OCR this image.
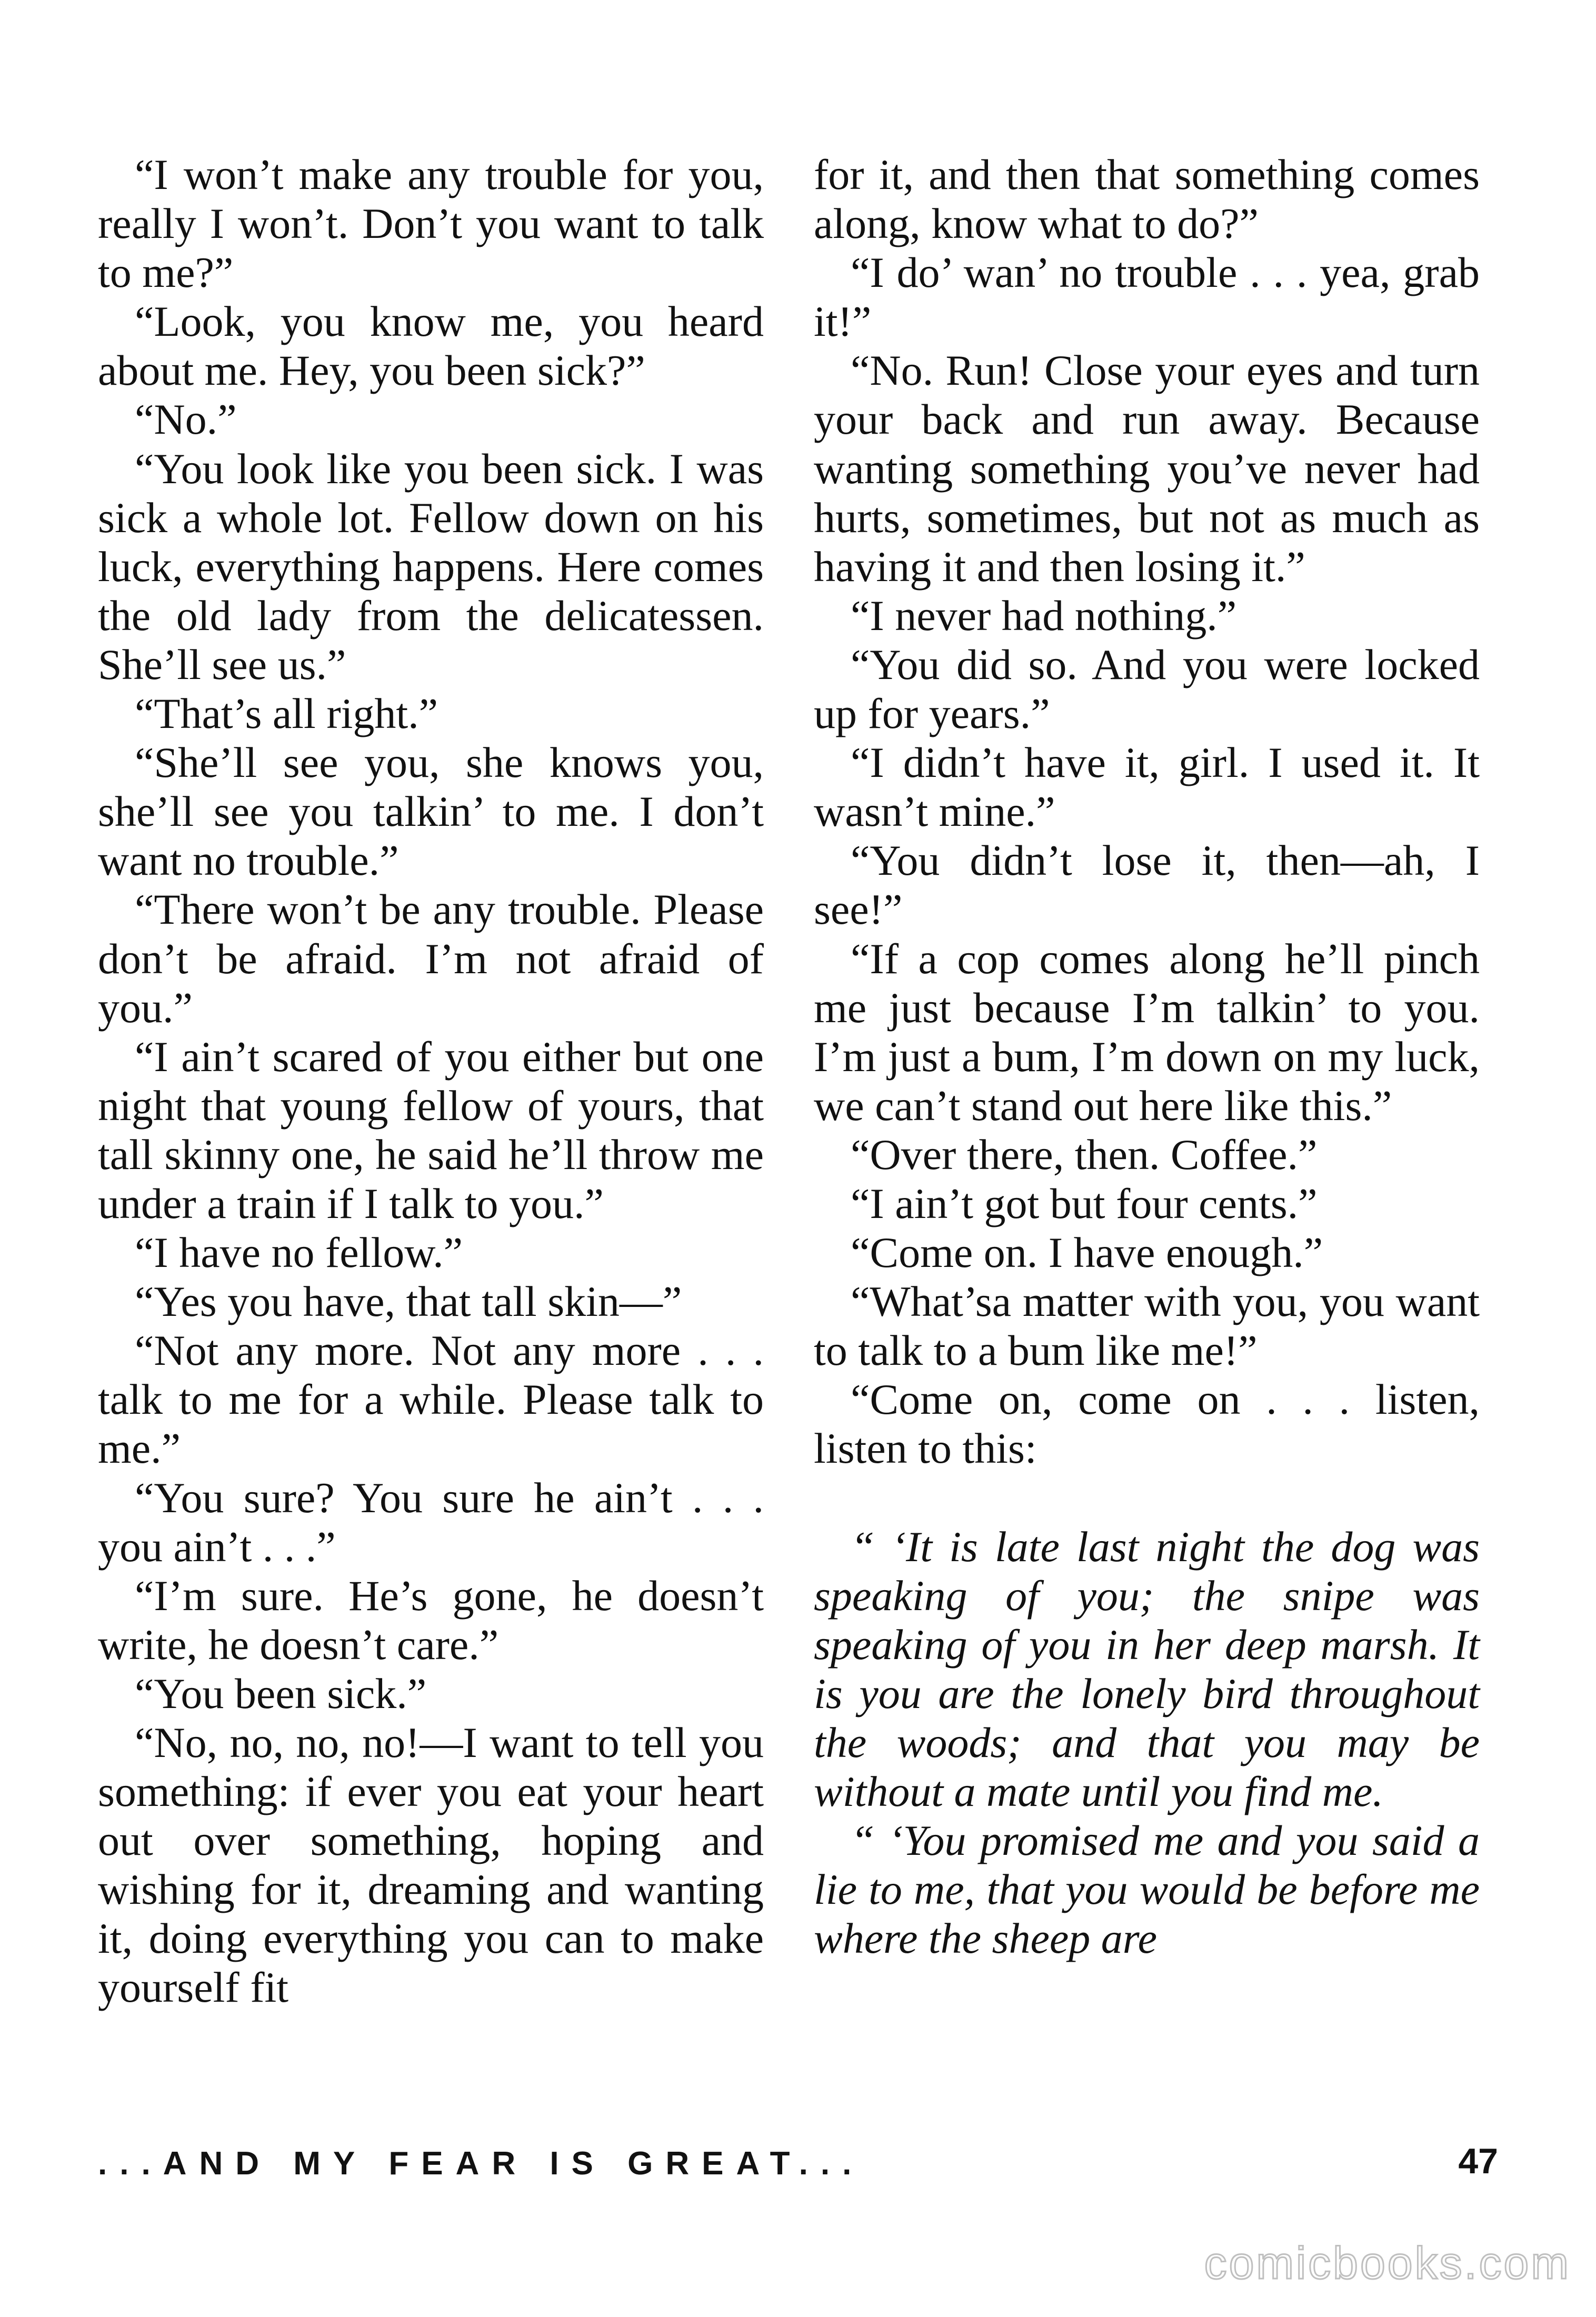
“I won’t make any trouble for you, really I won’t. Don’t you want to talk to me?”

“Look, you know me, you heard about me. Hey, you been sick?”

“No.”

“You look like you been sick. I was sick a whole lot. Fellow down on his luck, everything happens. Here comes the old lady from the delicatessen. She’ll see us.”

“That’s all right.”

“She’ll see you, she knows you, she’ll see you talkin’ to me. I don’t want no trouble.”

“There won’t be any trouble. Please don’t be afraid. I’m not afraid of you.”

“I ain’t scared of you either but one night that young fellow of yours, that tall skinny one, he said he’ll throw me under a train if I talk to you.”

“I have no fellow.”

“Yes you have, that tall skin—”

“Not any more. Not any more . . . talk to me for a while. Please talk to me.”

“You sure? You sure he ain’t . . . you ain’t . . .”

“I’m sure. He’s gone, he doesn’t write, he doesn’t care.”

“You been sick.”

“No, no, no, no!—I want to tell you something: if ever you eat your heart out over something, hoping and wishing for it, dreaming and wanting it, doing everything you can to make yourself fit

for it, and then that something comes along, know what to do?”

“I do’ wan’ no trouble . . . yea, grab it!”

“No. Run! Close your eyes and turn your back and run away. Because wanting something you’ve never had hurts, sometimes, but not as much as having it and then losing it.”

“I never had nothing.”

“You did so. And you were locked up for years.”

“I didn’t have it, girl. I used it. It wasn’t mine.”

“You didn’t lose it, then—ah, I see!”

“If a cop comes along he’ll pinch me just because I’m talkin’ to you. I’m just a bum, I’m down on my luck, we can’t stand out here like this.”

“Over there, then. Coffee.”

“I ain’t got but four cents.”

“Come on. I have enough.”

“What’sa matter with you, you want to talk to a bum like me!”

“Come on, come on . . . listen, listen to this:

“ ‘It is late last night the dog was speaking of you; the snipe was speaking of you in her deep marsh. It is you are the lonely bird throughout the woods; and that you may be without a mate until you find me.

“ ‘You promised me and you said a lie to me, that you would be before me where the sheep are

...AND MY FEAR IS GREAT...	47
comicbooks.com
